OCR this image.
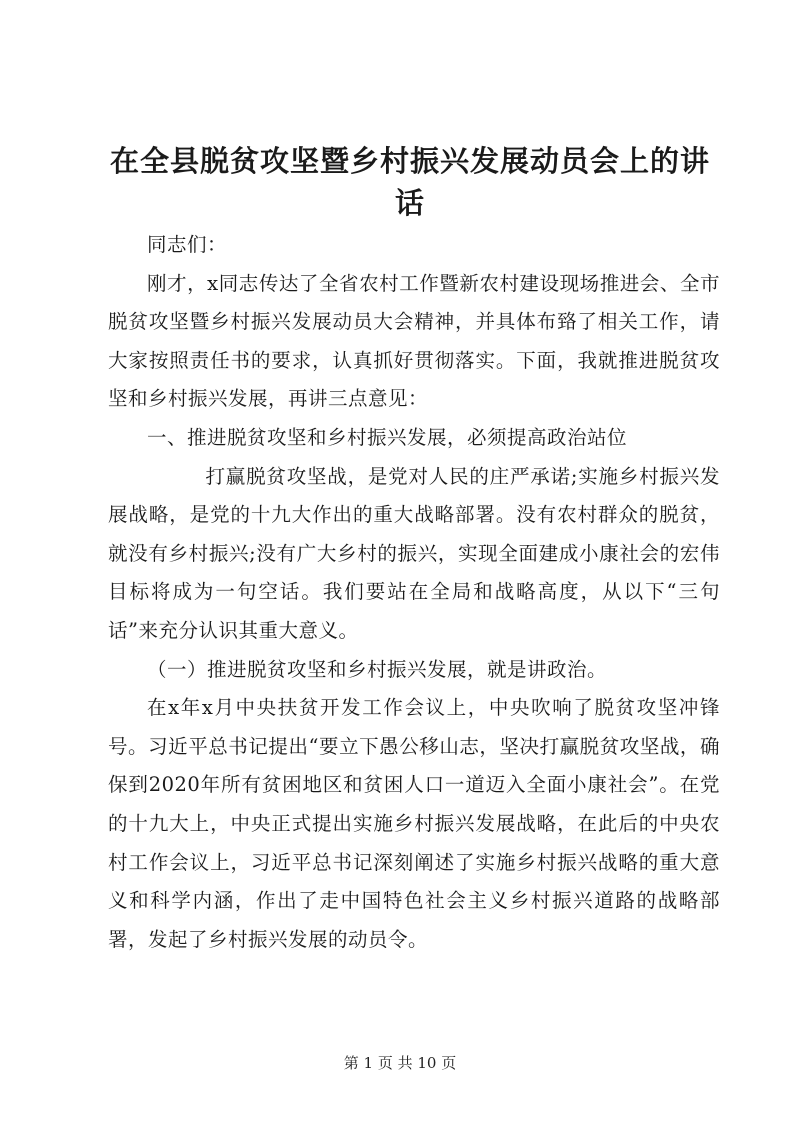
在全县脱贫攻坚暨乡村振兴发展动员会上的讲话

同志们：

刚才，x同志传达了全省农村工作暨新农村建设现场推进会、全市脱贫攻坚暨乡村振兴发展动员大会精神，并具体布臵了相关工作，请大家按照责任书的要求，认真抓好贯彻落实。下面，我就推进脱贫攻坚和乡村振兴发展，再讲三点意见：

一、推进脱贫攻坚和乡村振兴发展，必须提高政治站位

打赢脱贫攻坚战，是党对人民的庄严承诺;实施乡村振兴发展战略，是党的十九大作出的重大战略部署。没有农村群众的脱贫，就没有乡村振兴;没有广大乡村的振兴，实现全面建成小康社会的宏伟目标将成为一句空话。我们要站在全局和战略高度，从以下“三句话”来充分认识其重大意义。

（一）推进脱贫攻坚和乡村振兴发展，就是讲政治。

在x年x月中央扶贫开发工作会议上，中央吹响了脱贫攻坚冲锋号。习近平总书记提出“要立下愚公移山志，坚决打赢脱贫攻坚战，确保到2020年所有贫困地区和贫困人口一道迈入全面小康社会”。在党的十九大上，中央正式提出实施乡村振兴发展战略，在此后的中央农村工作会议上，习近平总书记深刻阐述了实施乡村振兴战略的重大意义和科学内涵，作出了走中国特色社会主义乡村振兴道路的战略部署，发起了乡村振兴发展的动员令。

第 1 页 共 10 页
